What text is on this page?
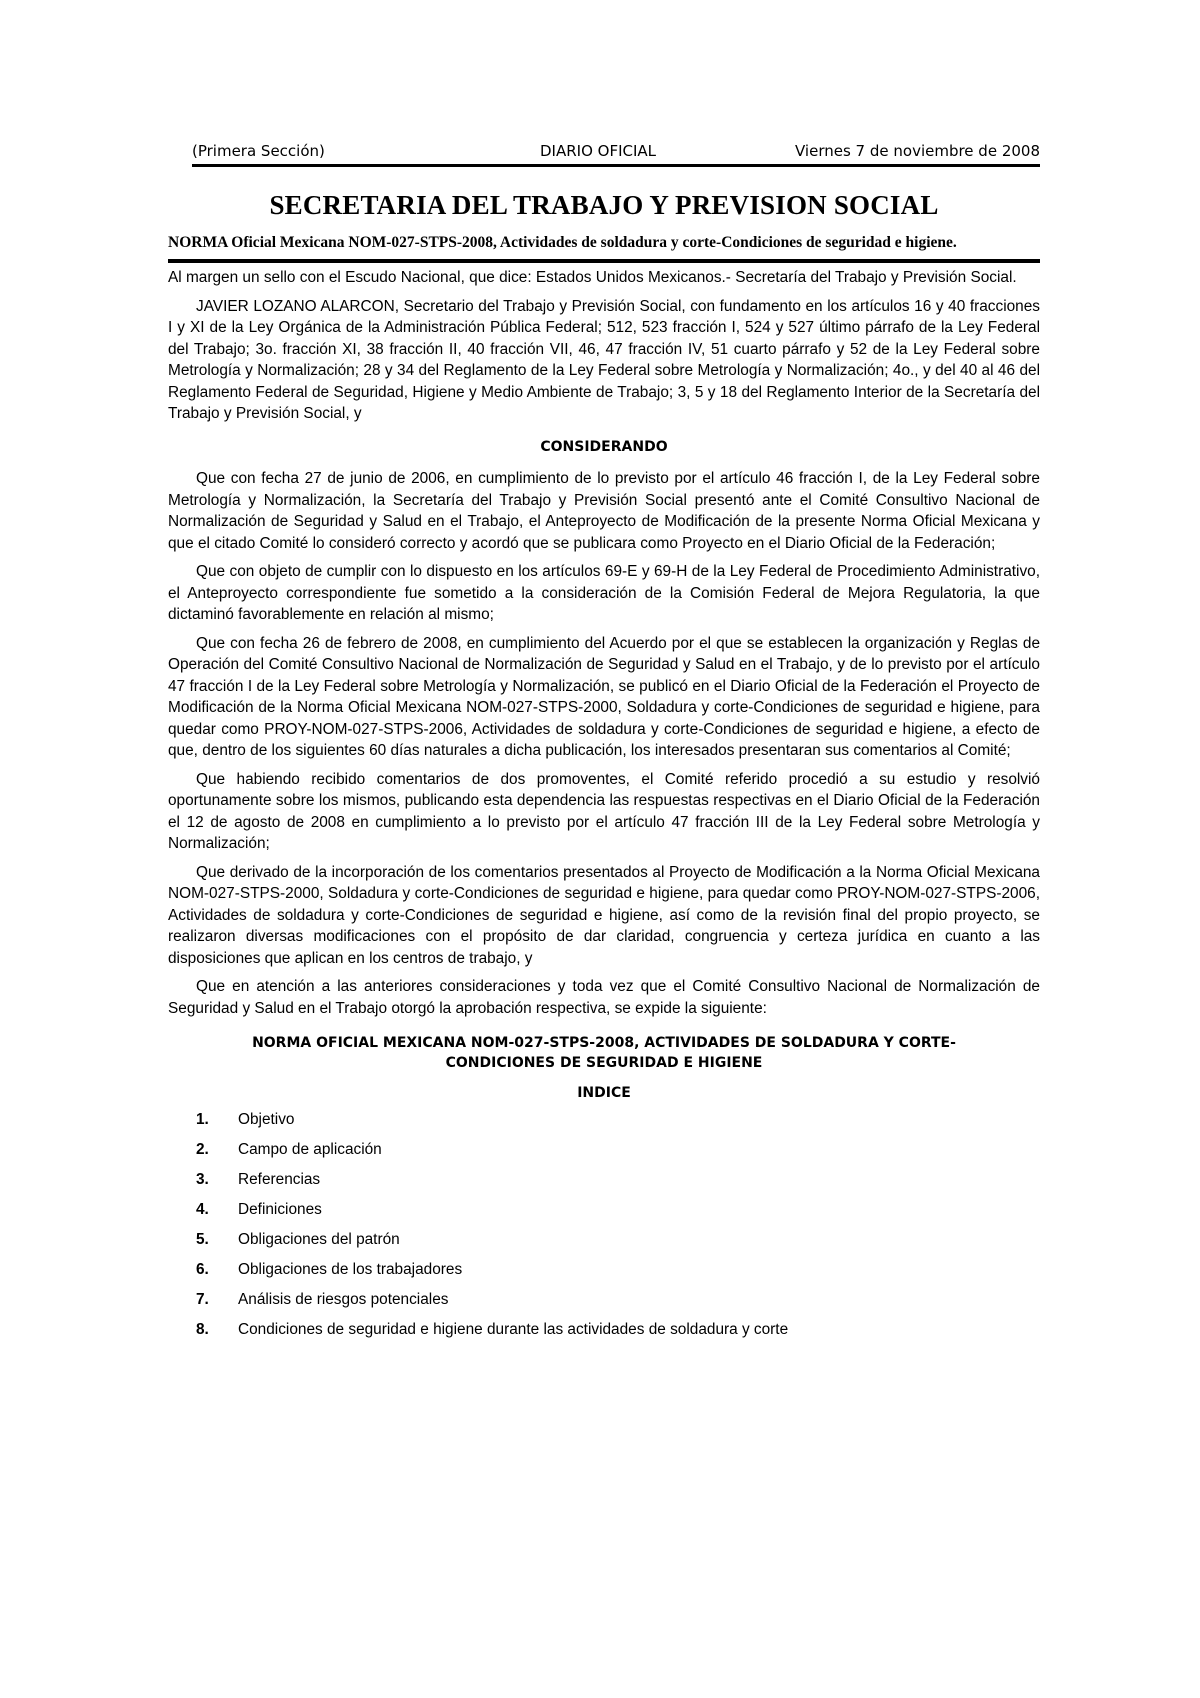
(Primera Sección)	DIARIO OFICIAL	Viernes 7 de noviembre de 2008
SECRETARIA DEL TRABAJO Y PREVISION SOCIAL
NORMA Oficial Mexicana NOM-027-STPS-2008, Actividades de soldadura y corte-Condiciones de seguridad e higiene.

Al margen un sello con el Escudo Nacional, que dice: Estados Unidos Mexicanos.- Secretaría del Trabajo y Previsión Social.

JAVIER LOZANO ALARCON, Secretario del Trabajo y Previsión Social, con fundamento en los artículos 16 y 40 fracciones I y XI de la Ley Orgánica de la Administración Pública Federal; 512, 523 fracción I, 524 y 527 último párrafo de la Ley Federal del Trabajo; 3o. fracción XI, 38 fracción II, 40 fracción VII, 46, 47 fracción IV, 51 cuarto párrafo y 52 de la Ley Federal sobre Metrología y Normalización; 28 y 34 del Reglamento de la Ley Federal sobre Metrología y Normalización; 4o., y del 40 al 46 del Reglamento Federal de Seguridad, Higiene y Medio Ambiente de Trabajo; 3, 5 y 18 del Reglamento Interior de la Secretaría del Trabajo y Previsión Social, y

CONSIDERANDO

Que con fecha 27 de junio de 2006, en cumplimiento de lo previsto por el artículo 46 fracción I, de la Ley Federal sobre Metrología y Normalización, la Secretaría del Trabajo y Previsión Social presentó ante el Comité Consultivo Nacional de Normalización de Seguridad y Salud en el Trabajo, el Anteproyecto de Modificación de la presente Norma Oficial Mexicana y que el citado Comité lo consideró correcto y acordó que se publicara como Proyecto en el Diario Oficial de la Federación;

Que con objeto de cumplir con lo dispuesto en los artículos 69-E y 69-H de la Ley Federal de Procedimiento Administrativo, el Anteproyecto correspondiente fue sometido a la consideración de la Comisión Federal de Mejora Regulatoria, la que dictaminó favorablemente en relación al mismo;

Que con fecha 26 de febrero de 2008, en cumplimiento del Acuerdo por el que se establecen la organización y Reglas de Operación del Comité Consultivo Nacional de Normalización de Seguridad y Salud en el Trabajo, y de lo previsto por el artículo 47 fracción I de la Ley Federal sobre Metrología y Normalización, se publicó en el Diario Oficial de la Federación el Proyecto de Modificación de la Norma Oficial Mexicana NOM-027-STPS-2000, Soldadura y corte-Condiciones de seguridad e higiene, para quedar como PROY-NOM-027-STPS-2006, Actividades de soldadura y corte-Condiciones de seguridad e higiene, a efecto de que, dentro de los siguientes 60 días naturales a dicha publicación, los interesados presentaran sus comentarios al Comité;

Que habiendo recibido comentarios de dos promoventes, el Comité referido procedió a su estudio y resolvió oportunamente sobre los mismos, publicando esta dependencia las respuestas respectivas en el Diario Oficial de la Federación el 12 de agosto de 2008 en cumplimiento a lo previsto por el artículo 47 fracción III de la Ley Federal sobre Metrología y Normalización;

Que derivado de la incorporación de los comentarios presentados al Proyecto de Modificación a la Norma Oficial Mexicana NOM-027-STPS-2000, Soldadura y corte-Condiciones de seguridad e higiene, para quedar como PROY-NOM-027-STPS-2006, Actividades de soldadura y corte-Condiciones de seguridad e higiene, así como de la revisión final del propio proyecto, se realizaron diversas modificaciones con el propósito de dar claridad, congruencia y certeza jurídica en cuanto a las disposiciones que aplican en los centros de trabajo, y

Que en atención a las anteriores consideraciones y toda vez que el Comité Consultivo Nacional de Normalización de Seguridad y Salud en el Trabajo otorgó la aprobación respectiva, se expide la siguiente:

NORMA OFICIAL MEXICANA NOM-027-STPS-2008, ACTIVIDADES DE SOLDADURA Y CORTE-
CONDICIONES DE SEGURIDAD E HIGIENE
INDICE
1. Objetivo
2. Campo de aplicación
3. Referencias
4. Definiciones
5. Obligaciones del patrón
6. Obligaciones de los trabajadores
7. Análisis de riesgos potenciales
8. Condiciones de seguridad e higiene durante las actividades de soldadura y corte
